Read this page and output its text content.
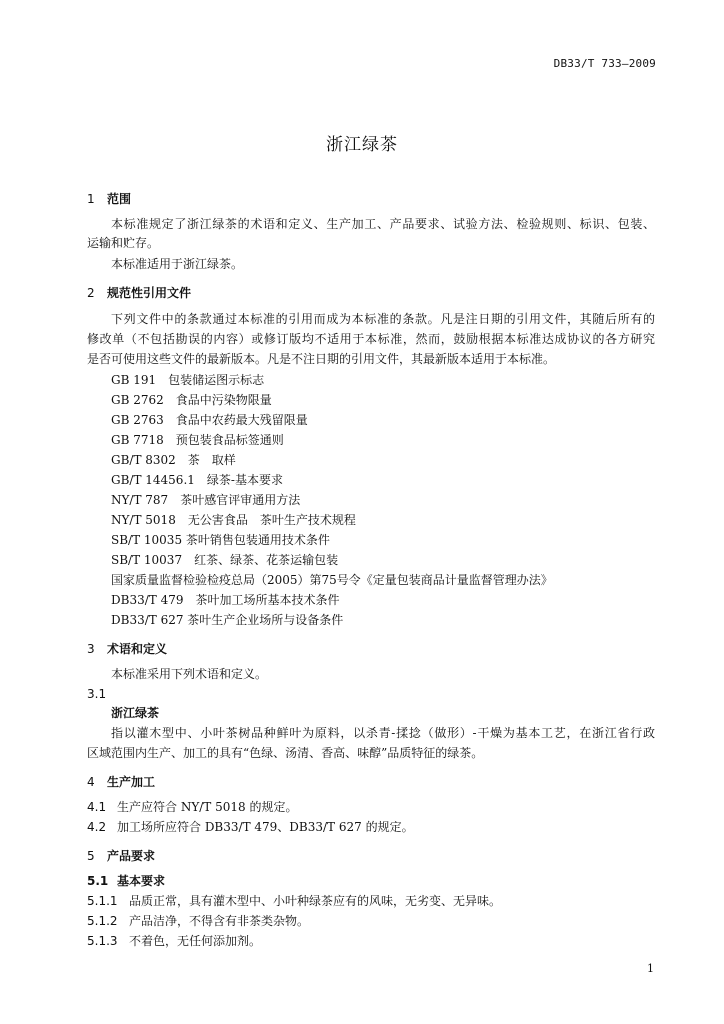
DB33/T 733—2009
浙江绿茶
1 范围
本标准规定了浙江绿茶的术语和定义、生产加工、产品要求、试验方法、检验规则、标识、包装、
运输和贮存。
本标准适用于浙江绿茶。
2 规范性引用文件
下列文件中的条款通过本标准的引用而成为本标准的条款。凡是注日期的引用文件，其随后所有的
修改单（不包括勘误的内容）或修订版均不适用于本标准，然而，鼓励根据本标准达成协议的各方研究
是否可使用这些文件的最新版本。凡是不注日期的引用文件，其最新版本适用于本标准。
GB 191　包装储运图示标志
GB 2762　食品中污染物限量
GB 2763　食品中农药最大残留限量
GB 7718　预包装食品标签通则
GB/T 8302　茶　取样
GB/T 14456.1　绿茶-基本要求
NY/T 787　茶叶感官评审通用方法
NY/T 5018　无公害食品　茶叶生产技术规程
SB/T 10035 茶叶销售包装通用技术条件
SB/T 10037　红茶、绿茶、花茶运输包装
国家质量监督检验检疫总局（2005）第75号令《定量包装商品计量监督管理办法》
DB33/T 479　茶叶加工场所基本技术条件
DB33/T 627 茶叶生产企业场所与设备条件
3 术语和定义
本标准采用下列术语和定义。
3.1
浙江绿茶
指以灌木型中、小叶茶树品种鲜叶为原料，以杀青-揉捻（做形）-干燥为基本工艺，在浙江省行政
区域范围内生产、加工的具有“色绿、汤清、香高、味醇”品质特征的绿茶。
4 生产加工
4.1 生产应符合 NY/T 5018 的规定。
4.2 加工场所应符合 DB33/T 479、DB33/T 627 的规定。
5 产品要求
5.1 基本要求
5.1.1 品质正常，具有灌木型中、小叶种绿茶应有的风味，无劣变、无异味。
5.1.2 产品洁净，不得含有非茶类杂物。
5.1.3 不着色，无任何添加剂。
1
